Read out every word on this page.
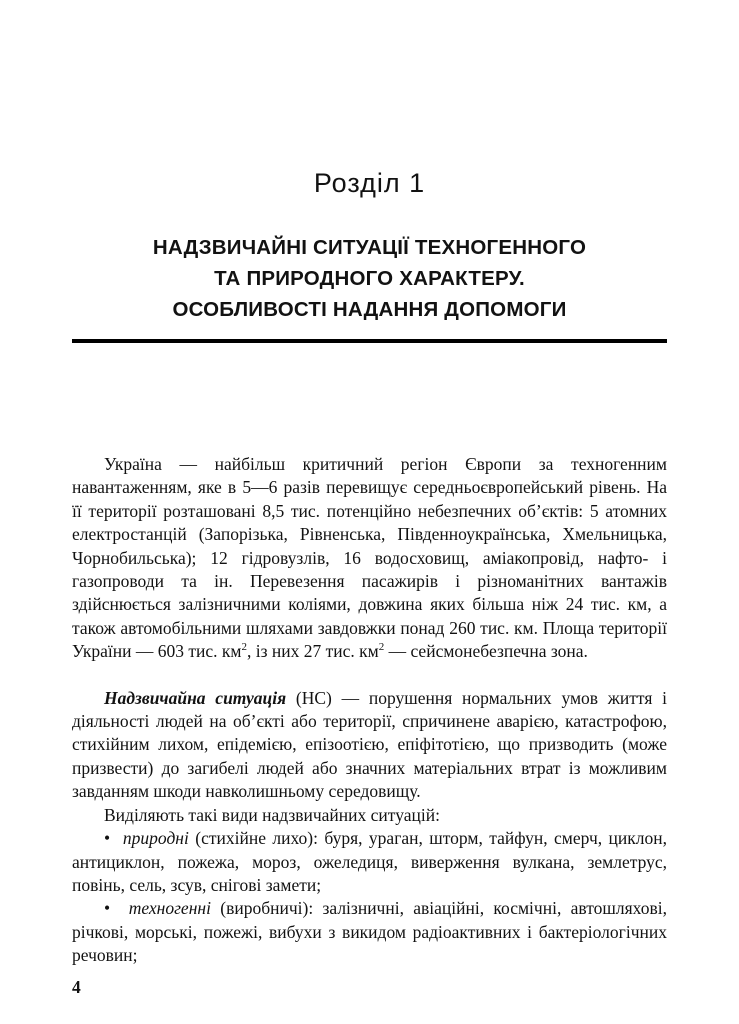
Розділ 1
НАДЗВИЧАЙНІ СИТУАЦІЇ ТЕХНОГЕННОГО
ТА ПРИРОДНОГО ХАРАКТЕРУ.
ОСОБЛИВОСТІ НАДАННЯ ДОПОМОГИ

Україна — найбільш критичний регіон Європи за техногенним навантаженням, яке в 5—6 разів перевищує середньоєвропейський рівень. На її території розташовані 8,5 тис. потенційно небезпечних об’єктів: 5 атомних електростанцій (Запорізька, Рівненська, Південноукраїнська, Хмельницька, Чорнобильська); 12 гідровузлів, 16 водосховищ, аміакопровід, нафто- і газопроводи та ін. Перевезення пасажирів і різноманітних вантажів здійснюється залізничними коліями, довжина яких більша ніж 24 тис. км, а також автомобільними шляхами завдовжки понад 260 тис. км. Площа території України — 603 тис. $км^2$, із них 27 тис. $км^2$ — сейсмонебезпечна зона.

Надзвичайна ситуація (НС) — порушення нормальних умов життя і діяльності людей на об’єкті або території, спричинене аварією, катастрофою, стихійним лихом, епідемією, епізоотією, епіфітотією, що призводить (може призвести) до загибелі людей або значних матеріальних втрат із можливим завданням шкоди навколишньому середовищу.

Виділяють такі види надзвичайних ситуацій:

•  природні (стихійне лихо): буря, ураган, шторм, тайфун, смерч, циклон, антициклон, пожежа, мороз, ожеледиця, виверження вулкана, землетрус, повінь, сель, зсув, снігові замети;

•  техногенні (виробничі): залізничні, авіаційні, космічні, автошляхові, річкові, морські, пожежі, вибухи з викидом радіоактивних і бактеріологічних речовин;

4
